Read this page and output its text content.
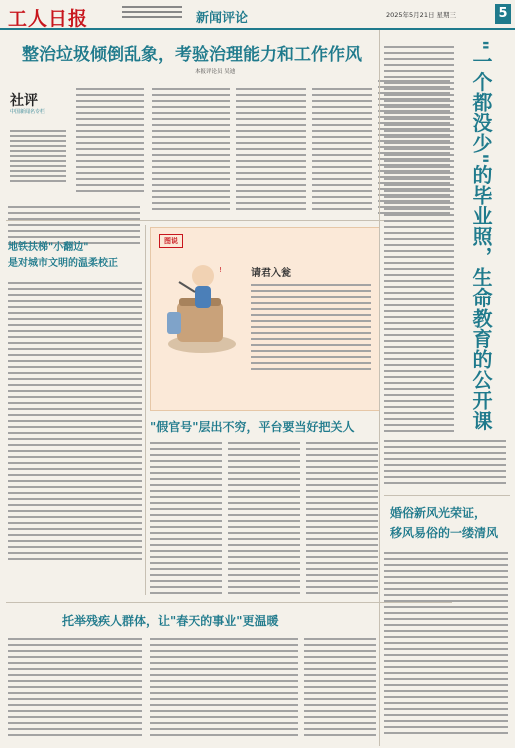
工人日报	新闻评论	2025年5月21日 星期三	5
整治垃圾倾倒乱象，考验治理能力和工作作风
本报评论员 吴迪
社评
中国新闻名专栏
地铁扶梯"小翻边"
是对城市文明的温柔校正
图说
!	请君入瓮
"假官号"层出不穷，平台要当好把关人
托举残疾人群体，让"春天的事业"更温暖
"一个都没少"的毕业照，生命教育的公开课
婚俗新风光荣证，
移风易俗的一缕清风
